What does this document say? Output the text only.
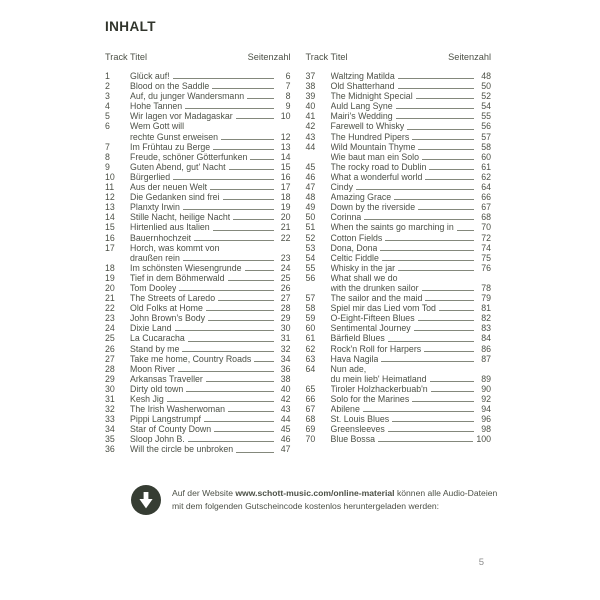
INHALT
Track Titel	Seitenzahl
1	Glück auf!	6
2	Blood on the Saddle	7
3	Auf, du junger Wandersmann	8
4	Hohe Tannen	9
5	Wir lagen vor Madagaskar	10
6	Wem Gott will
rechte Gunst erweisen	12
7	Im Frühtau zu Berge	13
8	Freude, schöner Götterfunken	14
9	Guten Abend, gut' Nacht	15
10	Bürgerlied	16
11	Aus der neuen Welt	17
12	Die Gedanken sind frei	18
13	Planxty Irwin	19
14	Stille Nacht, heilige Nacht	20
15	Hirtenlied aus Italien	21
16	Bauernhochzeit	22
17	Horch, was kommt von
draußen rein	23
18	Im schönsten Wiesengrunde	24
19	Tief in dem Böhmerwald	25
20	Tom Dooley	26
21	The Streets of Laredo	27
22	Old Folks at Home	28
23	John Brown's Body	29
24	Dixie Land	30
25	La Cucaracha	31
26	Stand by me	32
27	Take me home, Country Roads	34
28	Moon River	36
29	Arkansas Traveller	38
30	Dirty old town	40
31	Kesh Jig	42
32	The Irish Washerwoman	43
33	Pippi Langstrumpf	44
34	Star of County Down	45
35	Sloop John B.	46
36	Will the circle be unbroken	47
Track Titel	Seitenzahl
37	Waltzing Matilda	48
38	Old Shatterhand	50
39	The Midnight Special	52
40	Auld Lang Syne	54
41	Mairi's Wedding	55
42	Farewell to Whisky	56
43	The Hundred Pipers	57
44	Wild Mountain Thyme	58
Wie baut man ein Solo	60
45	The rocky road to Dublin	61
46	What a wonderful world	62
47	Cindy	64
48	Amazing Grace	66
49	Down by the riverside	67
50	Corinna	68
51	When the saints go marching in	70
52	Cotton Fields	72
53	Dona, Dona	74
54	Celtic Fiddle	75
55	Whisky in the jar	76
56	What shall we do
with the drunken sailor	78
57	The sailor and the maid	79
58	Spiel mir das Lied vom Tod	81
59	O-Eight-Fifteen Blues	82
60	Sentimental Journey	83
61	Bärfield Blues	84
62	Rock'n Roll for Harpers	86
63	Hava Nagila	87
64	Nun ade,
du mein lieb' Heimatland	89
65	Tiroler Holzhackerbuab'n	90
66	Solo for the Marines	92
67	Abilene	94
68	St. Louis Blues	96
69	Greensleeves	98
70	Blue Bossa	100
Auf der Website www.schott-music.com/online-material können alle Audio-Dateien
mit dem folgenden Gutscheincode kostenlos heruntergeladen werden:
5
